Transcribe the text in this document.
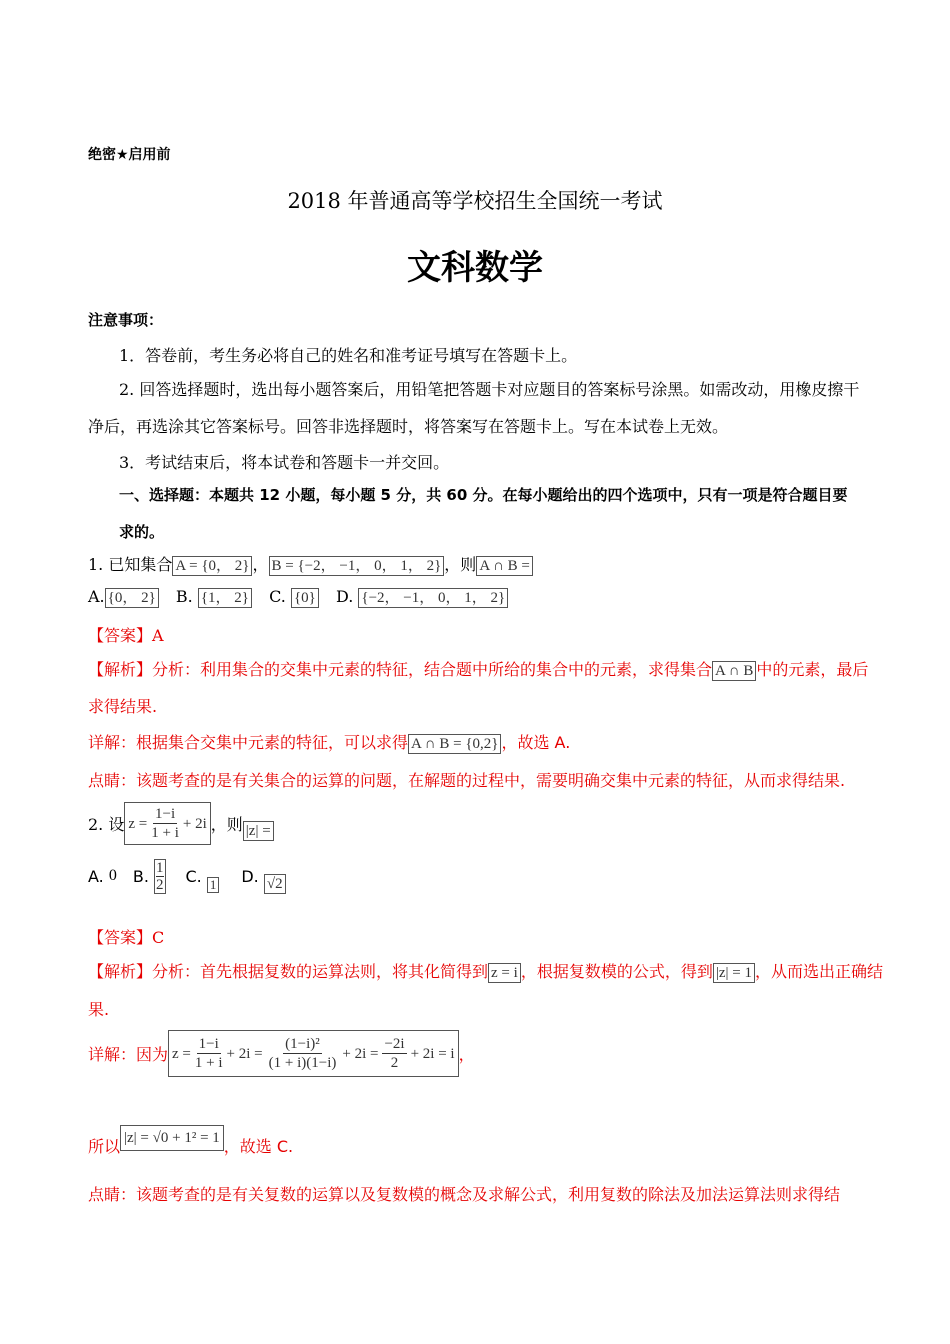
绝密★启用前
2018 年普通高等学校招生全国统一考试
文科数学
注意事项：
1．答卷前，考生务必将自己的姓名和准考证号填写在答题卡上。
2. 回答选择题时，选出每小题答案后，用铅笔把答题卡对应题目的答案标号涂黑。如需改动，用橡皮擦干
净后，再选涂其它答案标号。回答非选择题时，将答案写在答题卡上。写在本试卷上无效。
3．考试结束后，将本试卷和答题卡一并交回。
一、选择题：本题共 12 小题，每小题 5 分，共 60 分。在每小题给出的四个选项中，只有一项是符合题目要
求的。
1. 已知集合 A = {0， 2} ， B = {−2， −1， 0， 1， 2} ，则 A ∩ B =
A. {0， 2} B. {1， 2} C. {0} D. {−2， −1， 0， 1， 2}
【答案】A
【解析】分析：利用集合的交集中元素的特征，结合题中所给的集合中的元素，求得集合 A ∩ B 中的元素，最后
求得结果.
详解：根据集合交集中元素的特征，可以求得 A ∩ B = {0,2} ，故选 A.
点睛：该题考查的是有关集合的运算的问题，在解题的过程中，需要明确交集中元素的特征，从而求得结果.
2. 设 $z = \frac{1-i}{1 + i} + 2i$ ，则 |z| =
A.
0 B.
1
2 C.
1 D.
√2
【答案】C
【解析】分析：首先根据复数的运算法则，将其化简得到 z = i ，根据复数模的公式，得到 |z| = 1 ，从而选出正确结
果.
详解：因为 $z = \frac{1-i}{1 + i} + 2i = \frac{\text{(1−i)²}}{(1 + i)(1-i)} + 2i = \frac{-2i}{2} + 2i = i$ ，
所以 |z| = √0 + 1² = 1 ，故选 C.
点睛：该题考查的是有关复数的运算以及复数模的概念及求解公式，利用复数的除法及加法运算法则求得结
